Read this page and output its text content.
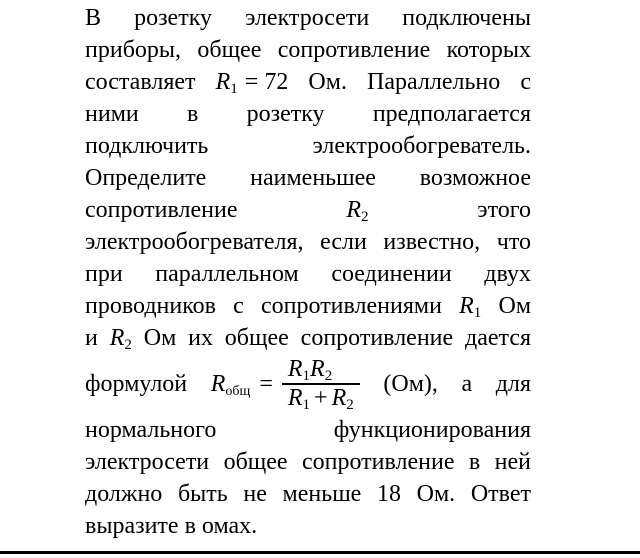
В розетку электросети подключены
приборы, общее сопротивление которых
составляет $R_1 = 72$ Ом. Параллельно с
ними в розетку предполагается
подключить электрообогреватель.
Определите наименьшее возможное
сопротивление	$R_2$	этого
электрообогревателя, если известно, что
при параллельном соединении двух
проводников с сопротивлениями $R_1$ Ом
и $R_2$ Ом их общее сопротивление дается
формулой $R_{общ} = \frac{R_1R_2}{R_1 + R_2} (Ом)$, а для
нормального функционирования
электросети общее сопротивление в ней
должно быть не меньше 18 Ом. Ответ
выразите в омах.
